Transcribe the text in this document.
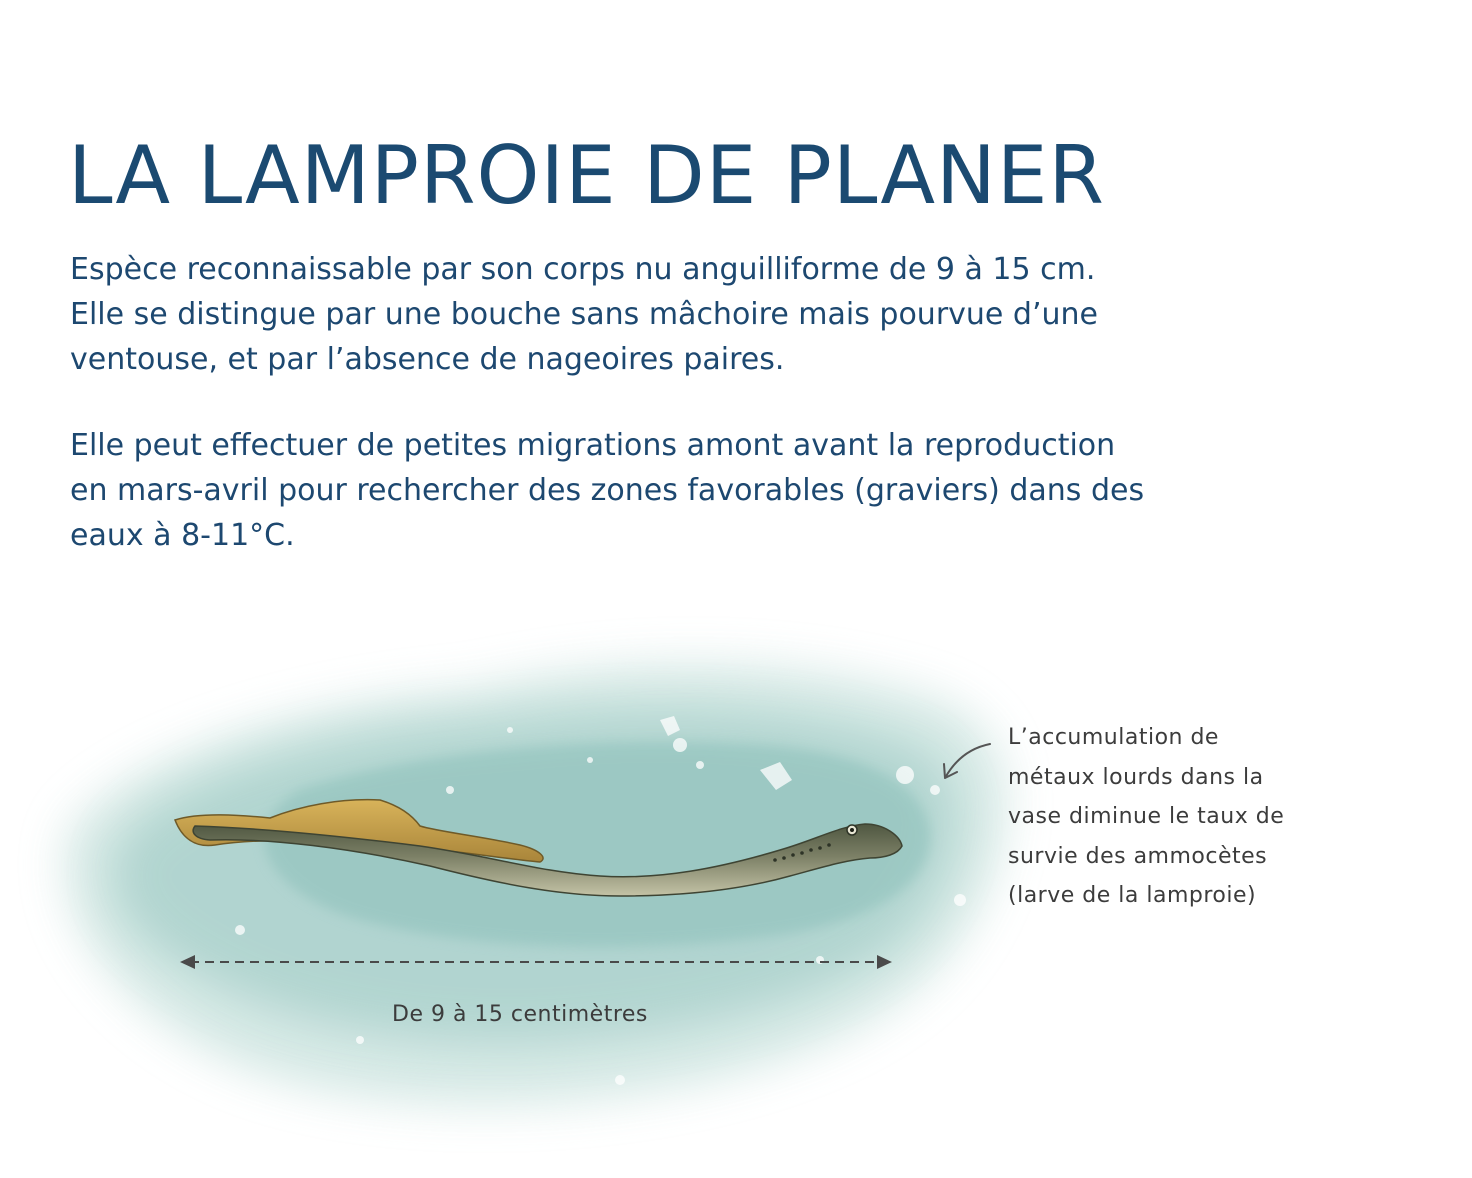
LA LAMPROIE DE PLANER

Espèce reconnaissable par son corps nu anguilliforme de 9 à 15 cm.
Elle se distingue par une bouche sans mâchoire mais pourvue d’une
ventouse, et par l’absence de nageoires paires.

Elle peut effectuer de petites migrations amont avant la reproduction
en mars-avril pour rechercher des zones favorables (graviers) dans des
eaux à 8-11°C.

L’accumulation de
métaux lourds dans la
vase diminue le taux de
survie des ammocètes
(larve de la lamproie)

De 9 à 15 centimètres
